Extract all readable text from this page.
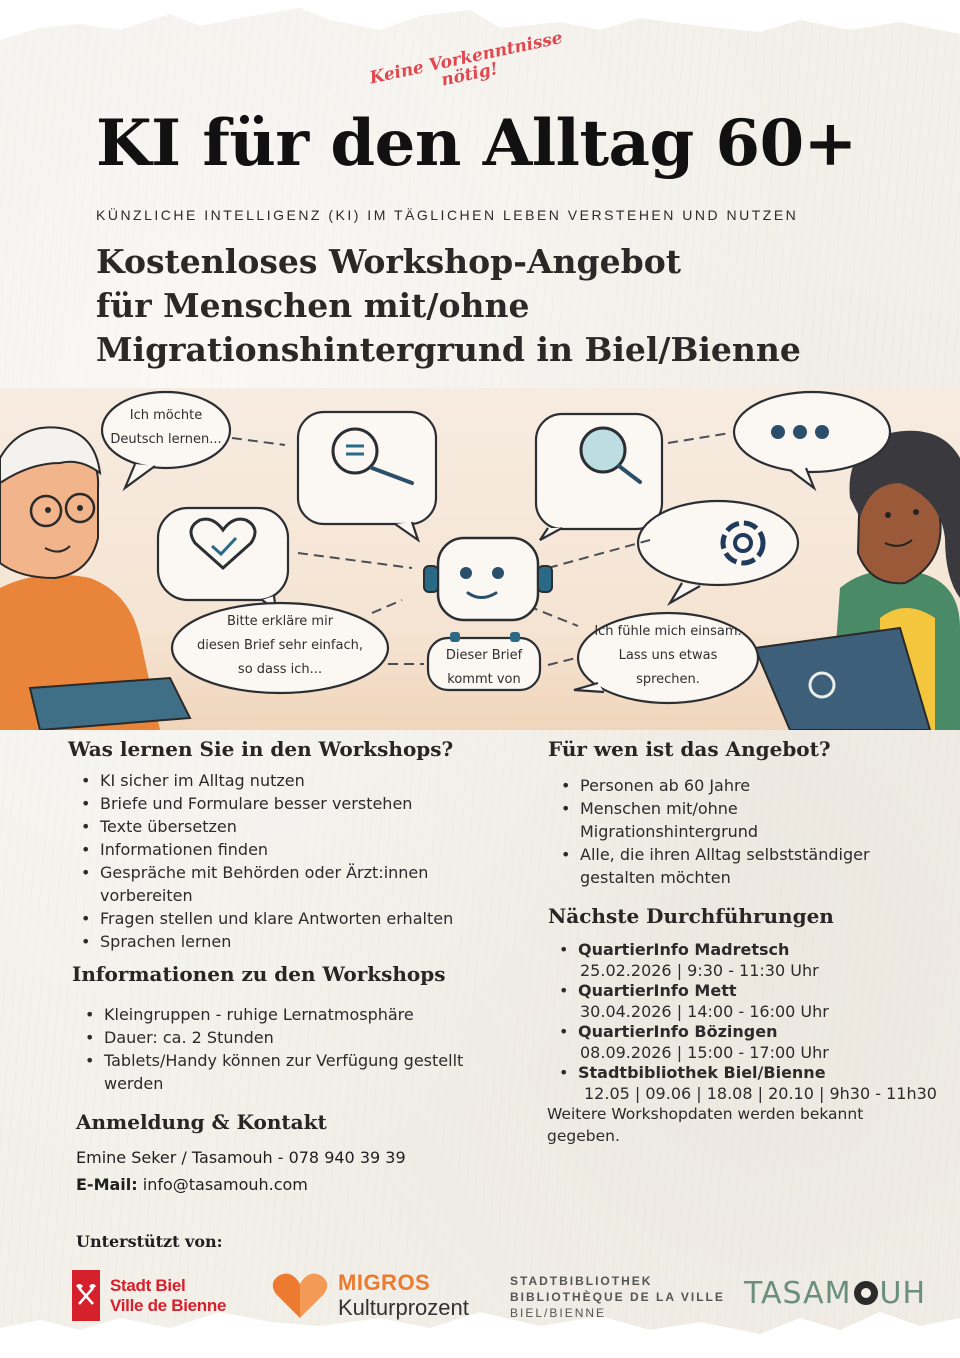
Keine Vorkenntnisse nötig!
KI für den Alltag 60+
KÜNZLICHE INTELLIGENZ (KI) IM TÄGLICHEN LEBEN VERSTEHEN UND NUTZEN
Kostenloses Workshop-Angebot
für Menschen mit/ohne
Migrationshintergrund in Biel/Bienne
Ich möchte
Deutsch lernen...
Bitte erkläre mir
diesen Brief sehr einfach,
so dass ich...
Dieser Brief
kommt von
Ich fühle mich einsam.
Lass uns etwas
sprechen.
Was lernen Sie in den Workshops?
• KI sicher im Alltag nutzen
• Briefe und Formulare besser verstehen
• Texte übersetzen
• Informationen finden
• Gespräche mit Behörden oder Ärzt:innen vorbereiten
• Fragen stellen und klare Antworten erhalten
• Sprachen lernen
Informationen zu den Workshops
• Kleingruppen - ruhige Lernatmosphäre
• Dauer: ca. 2 Stunden
• Tablets/Handy können zur Verfügung gestellt werden
Anmeldung & Kontakt
Emine Seker / Tasamouh - 078 940 39 39
E-Mail: info@tasamouh.com
Für wen ist das Angebot?
• Personen ab 60 Jahre
• Menschen mit/ohne Migrationshintergrund
• Alle, die ihren Alltag selbstständiger gestalten möchten
Nächste Durchführungen
• QuartierInfo Madretsch
25.02.2026 | 9:30 - 11:30 Uhr
• QuartierInfo Mett
30.04.2026 | 14:00 - 16:00 Uhr
• QuartierInfo Bözingen
08.09.2026 | 15:00 - 17:00 Uhr
• Stadtbibliothek Biel/Bienne
12.05 | 09.06 | 18.08 | 20.10 | 9h30 - 11h30
Weitere Workshopdaten werden bekannt gegeben.
Unterstützt von:
Stadt Biel
Ville de Bienne
MIGROS
Kulturprozent
STADTBIBLIOTHEK
BIBLIOTHÈQUE DE LA VILLE
BIEL/BIENNE
TASAM UH
